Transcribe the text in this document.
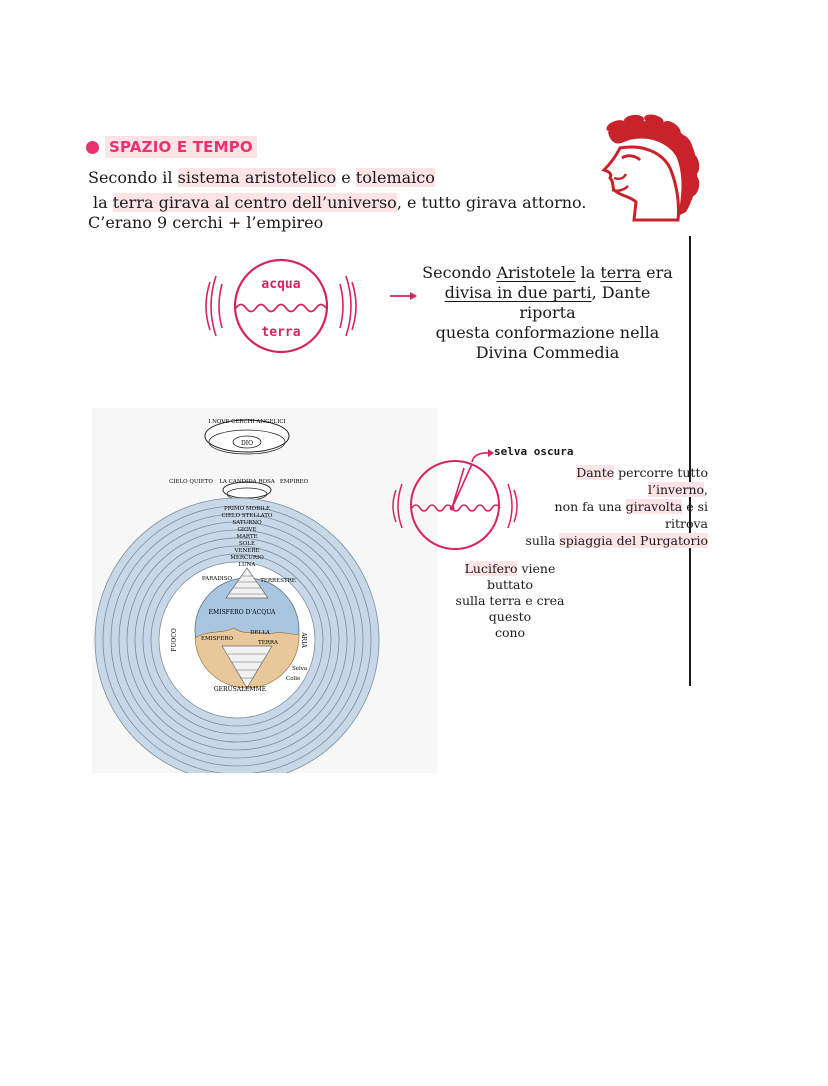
SPAZIO E TEMPO
Secondo il sistema aristotelico e tolemaico
la terra girava al centro dell’universo, e tutto girava attorno.
C’erano 9 cerchi + l’empireo
acqua
terra
Secondo Aristotele la terra era
divisa in due parti, Dante riporta
questa conformazione nella
Divina Commedia
DIO
I NOVE CERCHI ANGELICI
CIELO QUIETO LA CANDIDA ROSA EMPIREO
PRIMO MOBILE
CIELO STELLATO
SATURNO
GIOVE
MARTE
SOLE
VENERE
MERCURIO
LUNA
EMISFERO D’ACQUA
EMISFERO
DELLA
TERRA
PARADISO	TERRESTRE
FUOCO	ARIA
Selva
Colle
GERUSALEMME
selva oscura
Dante percorre tutto l’inverno,
non fa una giravolta e si ritrova
sulla spiaggia del Purgatorio
Lucifero viene buttato
sulla terra e crea questo
cono
